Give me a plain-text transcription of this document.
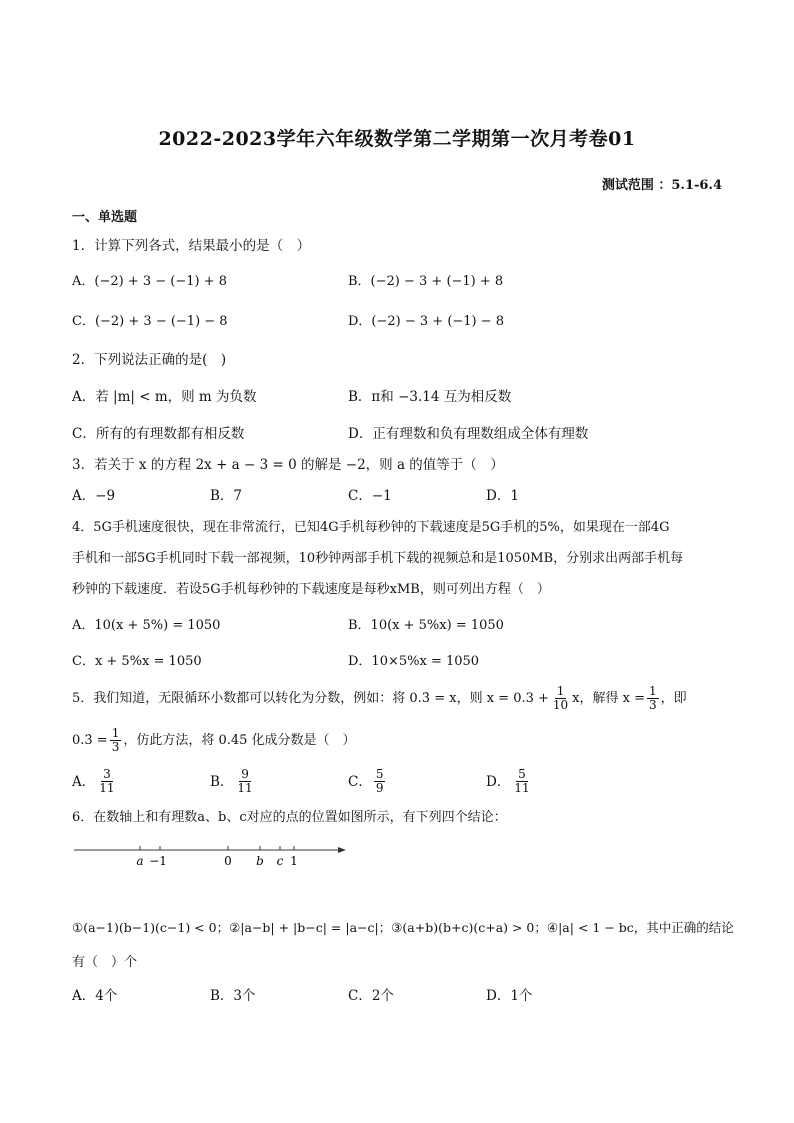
2022-2023学年六年级数学第二学期第一次月考卷01
测试范围 ：5.1-6.4
一、单选题
1．计算下列各式，结果最小的是（　）
A．(−2) + 3 − (−1) + 8	B．(−2) − 3 + (−1) + 8
C．(−2) + 3 − (−1) − 8	D．(−2) − 3 + (−1) − 8
2．下列说法正确的是(　)
A．若 |m| < m，则 m 为负数	B．π和 −3.14 互为相反数
C．所有的有理数都有相反数	D．正有理数和负有理数组成全体有理数
3．若关于 x 的方程 2x + a − 3 = 0 的解是 −2，则 a 的值等于（　）
A．−9	B．7	C．−1	D．1
4．5G手机速度很快，现在非常流行，已知4G手机每秒钟的下载速度是5G手机的5%，如果现在一部4G
手机和一部5G手机同时下载一部视频，10秒钟两部手机下载的视频总和是1050MB，分别求出两部手机每
秒钟的下载速度．若设5G手机每秒钟的下载速度是每秒xMB，则可列出方程（　）
A．10(x + 5%) = 1050	B．10(x + 5%x) = 1050
C．x + 5%x = 1050	D．10×5%x = 1050
5．我们知道，无限循环小数都可以转化为分数，例如：将 0.3̇ = x，则 $x = 0.3 + \frac{1}{10}$ x，解得 $x = \frac{1}{3}$ ，即
0.3̇ = $\frac{1}{3}$ ，仿此方法，将 0.4̇5̇ 化成分数是（　）
A． $\frac{3}{11}$	B． $\frac{9}{11}$	C． $\frac{5}{9}$	D． $\frac{5}{11}$
6．在数轴上和有理数a、b、c对应的点的位置如图所示，有下列四个结论：
a −1	0 b c 1
①(a−1)(b−1)(c−1) < 0；②|a−b| + |b−c| = |a−c|；③(a+b)(b+c)(c+a) > 0；④|a| < 1 − bc，其中正确的结论
有（　）个
A．4个	B．3个	C．2个	D．1个
